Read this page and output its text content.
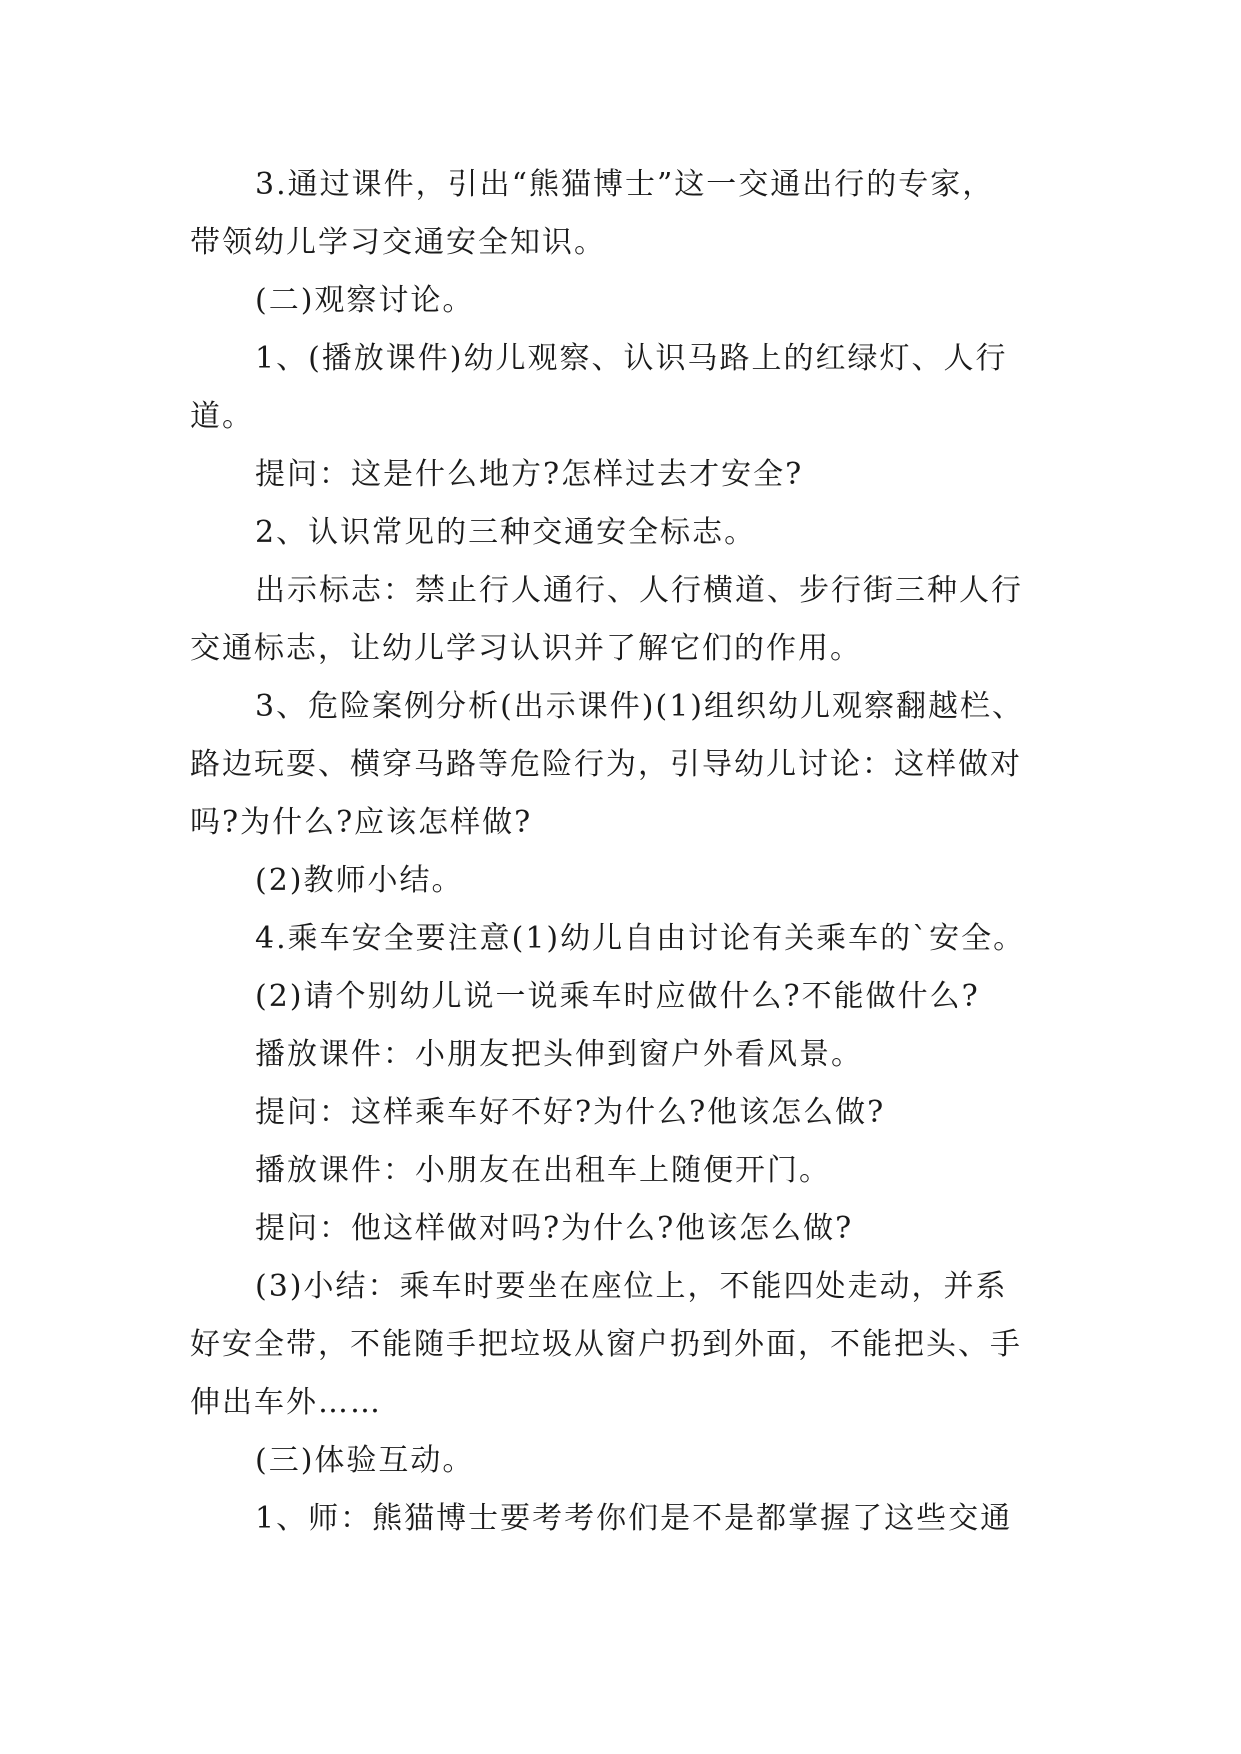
3.通过课件，引出“熊猫博士”这一交通出行的专家，
带领幼儿学习交通安全知识。
(二)观察讨论。
1、(播放课件)幼儿观察、认识马路上的红绿灯、人行
道。
提问：这是什么地方?怎样过去才安全?
2、认识常见的三种交通安全标志。
出示标志：禁止行人通行、人行横道、步行街三种人行
交通标志，让幼儿学习认识并了解它们的作用。
3、危险案例分析(出示课件)(1)组织幼儿观察翻越栏、
路边玩耍、横穿马路等危险行为，引导幼儿讨论：这样做对
吗?为什么?应该怎样做?
(2)教师小结。
4.乘车安全要注意(1)幼儿自由讨论有关乘车的`安全。
(2)请个别幼儿说一说乘车时应做什么?不能做什么?
播放课件：小朋友把头伸到窗户外看风景。
提问：这样乘车好不好?为什么?他该怎么做?
播放课件：小朋友在出租车上随便开门。
提问：他这样做对吗?为什么?他该怎么做?
(3)小结：乘车时要坐在座位上，不能四处走动，并系
好安全带，不能随手把垃圾从窗户扔到外面，不能把头、手
伸出车外……
(三)体验互动。
1、师：熊猫博士要考考你们是不是都掌握了这些交通
